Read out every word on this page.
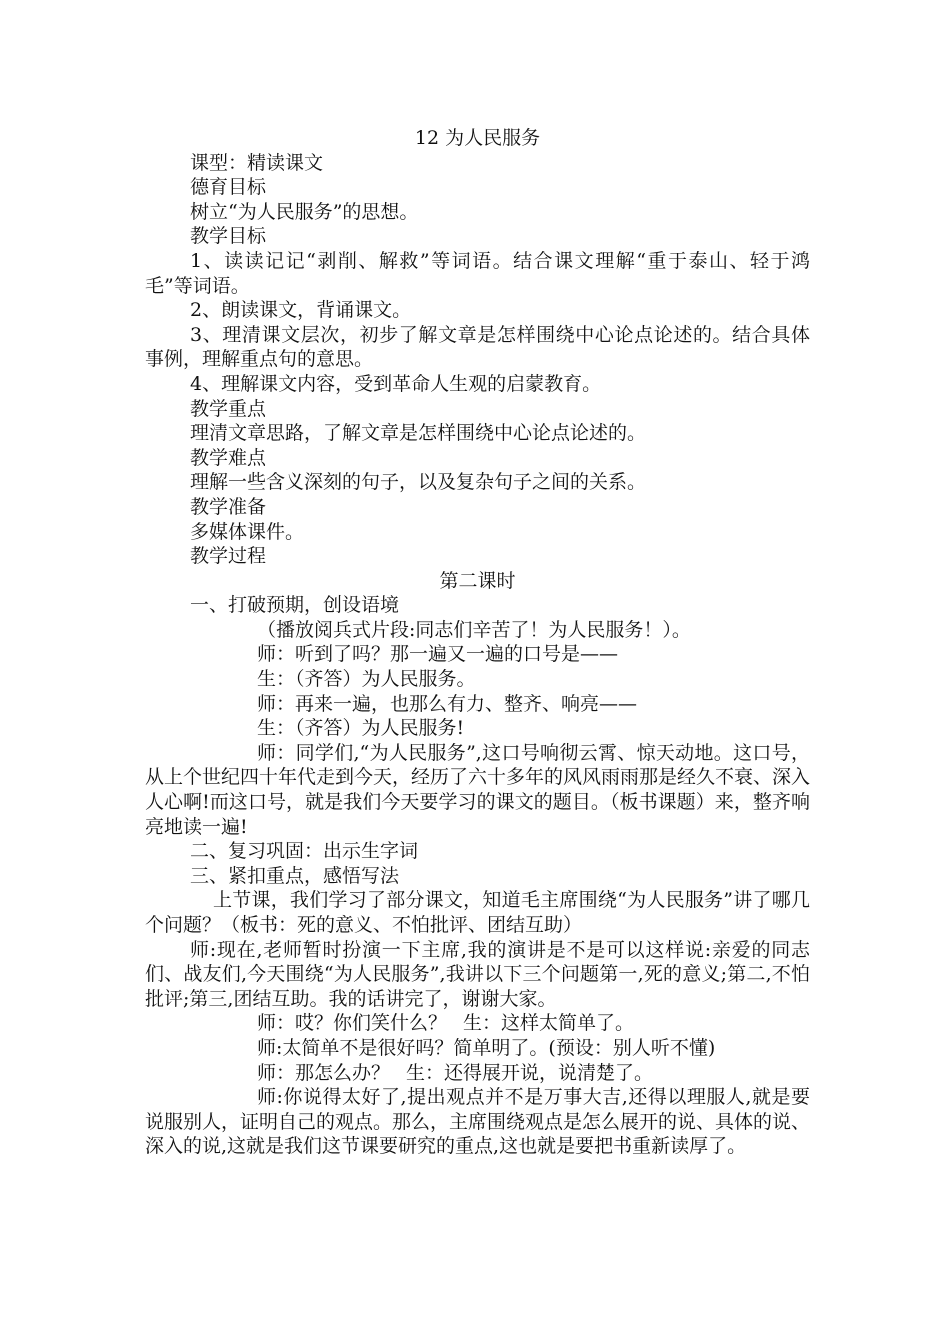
12 为人民服务

课型：精读课文

德育目标

树立“为人民服务”的思想。

教学目标

1、读读记记“剥削、解救”等词语。结合课文理解“重于泰山、轻于鸿毛”等词语。

2、朗读课文，背诵课文。

3、理清课文层次，初步了解文章是怎样围绕中心论点论述的。结合具体事例，理解重点句的意思。

4、理解课文内容，受到革命人生观的启蒙教育。

教学重点

理清文章思路，了解文章是怎样围绕中心论点论述的。

教学难点

理解一些含义深刻的句子，以及复杂句子之间的关系。

教学准备

多媒体课件。

教学过程

第二课时

一、打破预期，创设语境

（播放阅兵式片段:同志们辛苦了！为人民服务！）。

师：听到了吗？那一遍又一遍的口号是——

生：（齐答）为人民服务。

师：再来一遍，也那么有力、整齐、响亮——

生：（齐答）为人民服务!

师：同学们,“为人民服务”,这口号响彻云霄、惊天动地。这口号，从上个世纪四十年代走到今天，经历了六十多年的风风雨雨那是经久不衰、深入人心啊!而这口号，就是我们今天要学习的课文的题目。（板书课题）来，整齐响亮地读一遍!

二、复习巩固：出示生字词

三、紧扣重点，感悟写法

上节课，我们学习了部分课文，知道毛主席围绕“为人民服务”讲了哪几个问题？（板书：死的意义、不怕批评、团结互助）

师:现在,老师暂时扮演一下主席,我的演讲是不是可以这样说:亲爱的同志们、战友们,今天围绕“为人民服务”,我讲以下三个问题第一,死的意义;第二,不怕批评;第三,团结互助。我的话讲完了，谢谢大家。

师：哎？你们笑什么？ 生：这样太简单了。

师:太简单不是很好吗？简单明了。(预设：别人听不懂)

师：那怎么办？ 生：还得展开说，说清楚了。

师:你说得太好了,提出观点并不是万事大吉,还得以理服人,就是要说服别人，证明自己的观点。那么，主席围绕观点是怎么展开的说、具体的说、深入的说,这就是我们这节课要研究的重点,这也就是要把书重新读厚了。
